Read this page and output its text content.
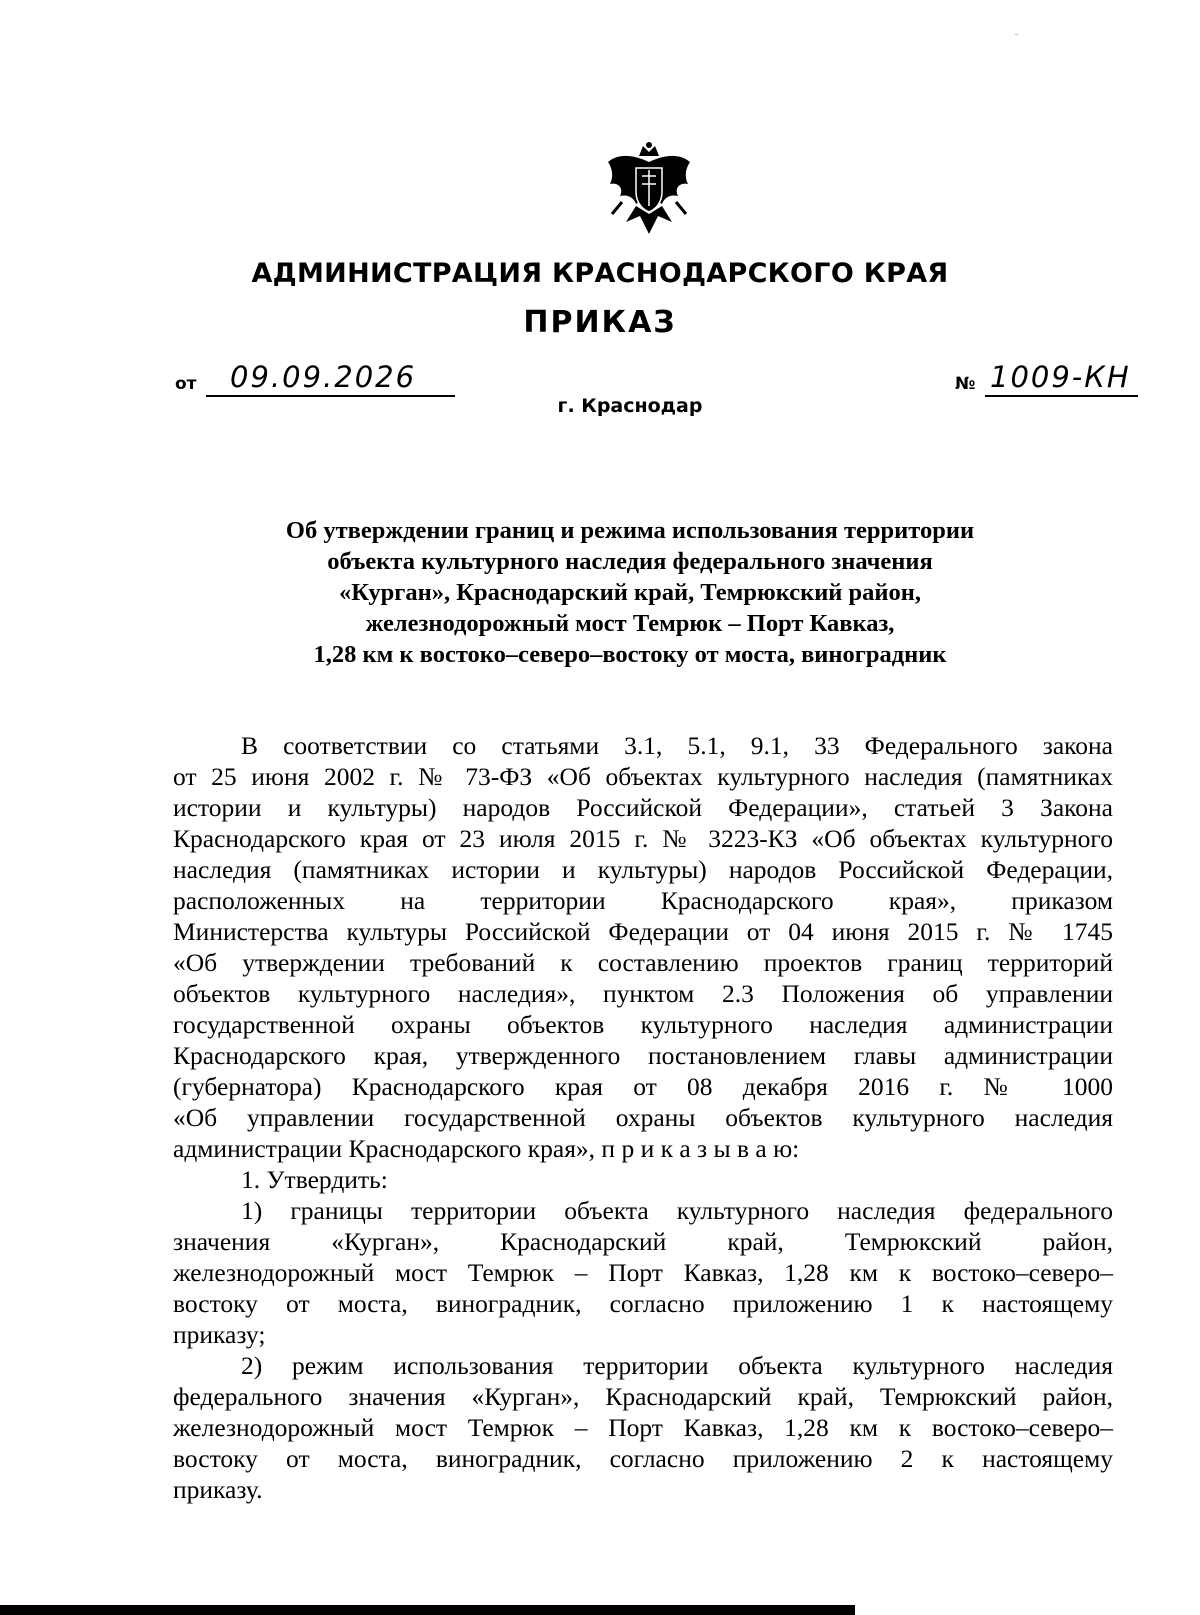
АДМИНИСТРАЦИЯ КРАСНОДАРСКОГО КРАЯ
ПРИКАЗ
от 09.09.2026	№ 1009-КН
г. Краснодар
Об утверждении границ и режима использования территории
объекта культурного наследия федерального значения
«Курган», Краснодарский край, Темрюкский район,
железнодорожный мост Темрюк – Порт Кавказ,
1,28 км к востоко–северо–востоку от моста, виноградник
В соответствии со статьями 3.1, 5.1, 9.1, 33 Федерального закона
от 25 июня 2002 г. № 73-ФЗ «Об объектах культурного наследия (памятниках
истории и культуры) народов Российской Федерации», статьей 3 Закона
Краснодарского края от 23 июля 2015 г. № 3223-КЗ «Об объектах культурного
наследия (памятниках истории и культуры) народов Российской Федерации,
расположенных на территории Краснодарского края», приказом
Министерства культуры Российской Федерации от 04 июня 2015 г. № 1745
«Об утверждении требований к составлению проектов границ территорий
объектов культурного наследия», пунктом 2.3 Положения об управлении
государственной охраны объектов культурного наследия администрации
Краснодарского края, утвержденного постановлением главы администрации
(губернатора) Краснодарского края от 08 декабря 2016 г. № 1000
«Об управлении государственной охраны объектов культурного наследия
администрации Краснодарского края», п р и к а з ы в а ю:
1. Утвердить:
1) границы территории объекта культурного наследия федерального
значения «Курган», Краснодарский край, Темрюкский район,
железнодорожный мост Темрюк – Порт Кавказ, 1,28 км к востоко–северо–
востоку от моста, виноградник, согласно приложению 1 к настоящему
приказу;
2) режим использования территории объекта культурного наследия
федерального значения «Курган», Краснодарский край, Темрюкский район,
железнодорожный мост Темрюк – Порт Кавказ, 1,28 км к востоко–северо–
востоку от моста, виноградник, согласно приложению 2 к настоящему
приказу.
